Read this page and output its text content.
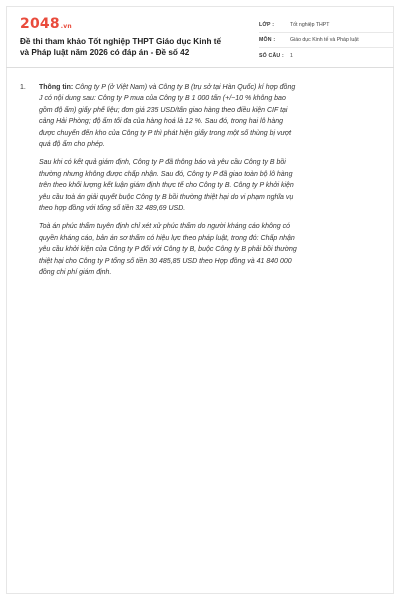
2048.vn
Đề thi tham khảo Tốt nghiệp THPT Giáo dục Kinh tế và Pháp luật năm 2026 có đáp án - Đề số 42
LỚP :	Tốt nghiệp THPT
MÔN :	Giáo dục Kinh tế và Pháp luật
SỐ CÂU :	1
1. Thông tin: Công ty P (ở Việt Nam) và Công ty B (trụ sở tại Hàn Quốc) kí hợp đồng J có nội dung sau: Công ty P mua của Công ty B 1 000 tấn (+/−10 % không bao gồm độ ẩm) giấy phế liệu; đơn giá 235 USD/tấn giao hàng theo điều kiện CIF tại cảng Hải Phòng; độ ẩm tối đa của hàng hoá là 12 %. Sau đó, trong hai lô hàng được chuyển đến kho của Công ty P thì phát hiện giấy trong một số thùng bị vượt quá độ ẩm cho phép.

Sau khi có kết quả giám định, Công ty P đã thông báo và yêu cầu Công ty B bồi thường nhưng không được chấp nhận. Sau đó, Công ty P đã giao toàn bộ lô hàng trên theo khối lượng kết luận giám định thực tế cho Công ty B. Công ty P khởi kiện yêu cầu toà án giải quyết buộc Công ty B bồi thường thiệt hại do vi phạm nghĩa vụ theo hợp đồng với tổng số tiền 32 489,69 USD.

Toà án phúc thẩm tuyên định chỉ xét xử phúc thẩm do người kháng cáo không có quyền kháng cáo, bản án sơ thẩm có hiệu lực theo pháp luật, trong đó: Chấp nhận yêu cầu khởi kiện của Công ty P đối với Công ty B, buộc Công ty B phải bồi thường thiệt hại cho Công ty P tổng số tiền 30 485,85 USD theo Hợp đồng và 41 840 000 đồng chi phí giám định.
